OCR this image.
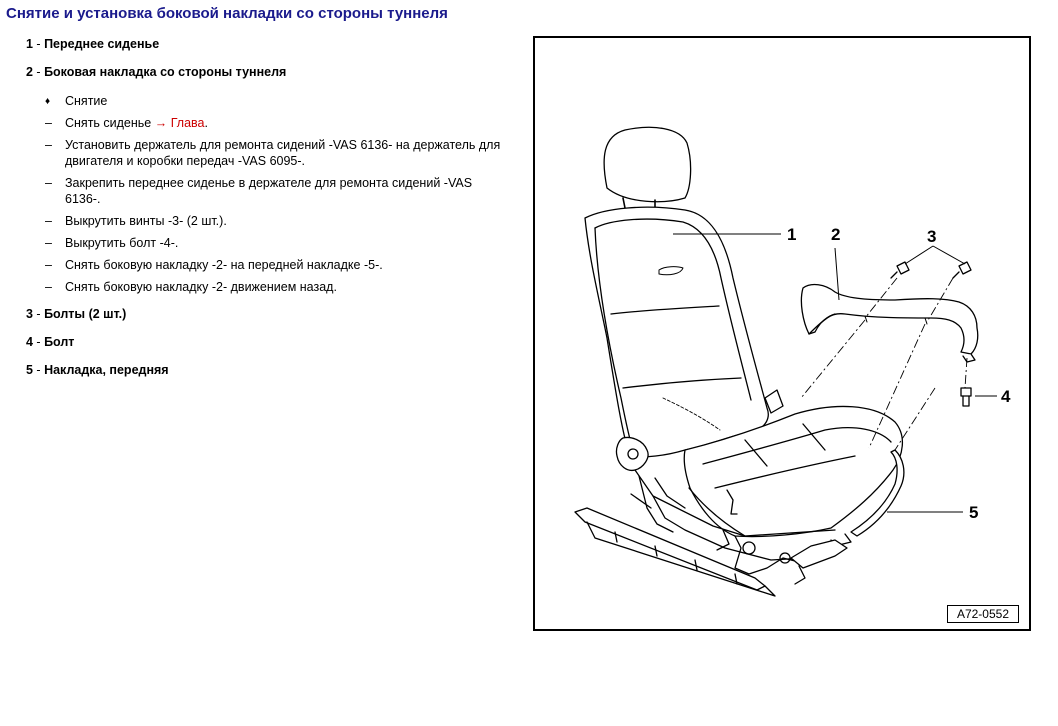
Снятие и установка боковой накладки со стороны туннеля
1 - Переднее сиденье
2 - Боковая накладка со стороны туннеля
♦	Снятие
–	Снять сиденье → Глава.
–	Установить держатель для ремонта сидений -VAS 6136- на держатель для двигателя и коробки передач -VAS 6095-.
–	Закрепить переднее сиденье в держателе для ремонта сидений -VAS 6136-.
–	Выкрутить винты -3- (2 шт.).
–	Выкрутить болт -4-.
–	Снять боковую накладку -2- на передней накладке -5-.
–	Снять боковую накладку -2- движением назад.
3 - Болты (2 шт.)
4 - Болт
5 - Накладка, передняя
1 2	3
4
5
A72-0552
